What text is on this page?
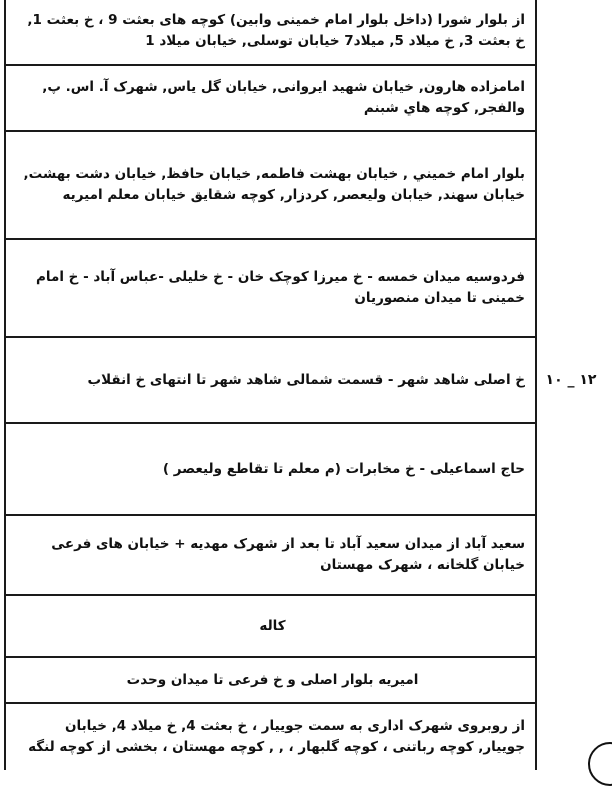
از بلوار شورا (داخل بلوار امام خمینی وابین) کوچه های بعثت 9 ، خ بعثت 1, خ بعثت 3, خ میلاد 5, میلاد7 خیابان توسلی, خیابان میلاد 1
امامزاده هارون, خیابان شهید ایروانی, خیابان گل یاس, شهرک آ. اس. پ, والفجر, کوچه هاي شبنم
بلوار امام خمیني , خیابان بهشت فاطمه, خیابان حافظ, خیابان دشت بهشت, خیابان سهند, خیابان ولیعصر, کردزار, کوچه شقایق خیابان معلم امیریه
فردوسیه میدان خمسه - خ میرزا کوچک خان - خ خلیلی -عباس آباد - خ امام خمینی تا میدان منصوریان
خ اصلی شاهد شهر - قسمت شمالی شاهد شهر تا انتهای خ انقلاب
حاج اسماعیلی - خ مخابرات (م معلم تا تقاطع ولیعصر )
سعید آباد از میدان سعید آباد تا بعد از شهرک مهدیه + خیابان های فرعی خیابان گلخانه ، شهرک مهستان
کاله
امیریه بلوار اصلی و خ فرعی تا میدان وحدت
از روبروی شهرک اداری به سمت جوییار ، خ بعثت 4, خ میلاد 4, خیابان جوییار, کوچه رباتنی ، کوچه گلبهار ، , , کوچه مهستان ، بخشی از کوچه لنگه
۱۲ _ ۱۰
